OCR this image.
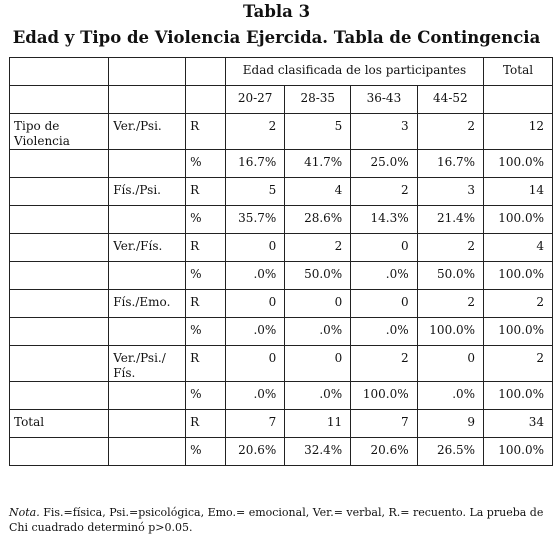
Tabla 3
Edad y Tipo de Violencia Ejercida. Tabla de Contingencia
			Edad clasificada de los participantes				Total
			20-27	28-35	36-43	44-52	
Tipo de Violencia	Ver./Psi.	R	2	5	3	2	12
		%	16.7%	41.7%	25.0%	16.7%	100.0%
	Fís./Psi.	R	5	4	2	3	14
		%	35.7%	28.6%	14.3%	21.4%	100.0%
	Ver./Fís.	R	0	2	0	2	4
		%	.0%	50.0%	.0%	50.0%	100.0%
	Fís./Emo.	R	0	0	0	2	2
		%	.0%	.0%	.0%	100.0%	100.0%
	Ver./Psi./ Fís.	R	0	0	2	0	2
		%	.0%	.0%	100.0%	.0%	100.0%
Total		R	7	11	7	9	34
		%	20.6%	32.4%	20.6%	26.5%	100.0%
Nota. Fis.=física, Psi.=psicológica, Emo.= emocional, Ver.= verbal, R.= recuento. La prueba de Chi cuadrado determinó p>0.05.
